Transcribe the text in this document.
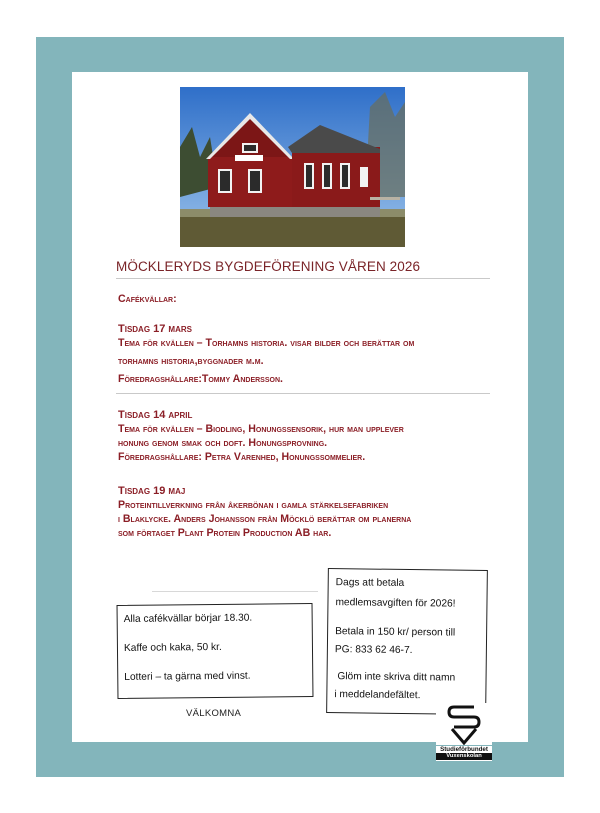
MÖCKLERYDS BYGDEFÖRENING VÅREN 2026
Cafékvällar:
Tisdag 17 mars
Tema för kvällen – Torhamns historia. visar bilder och berättar om
torhamns historia,byggnader m.m.
Föredragshållare:Tommy Andersson.
Tisdag 14 april
Tema för kvällen – Biodling, Honungssensorik, hur man upplever
honung genom smak och doft. Honungsprovning.
Föredragshållare: Petra Varenhed, Honungssommelier.
Tisdag 19 maj
Proteintillverkning från åkerbönan i gamla stärkelsefabriken
i Blaklycke. Anders Johansson från Möcklö berättar om planerna
som förtaget Plant Protein Production AB har.

Alla cafékvällar börjar 18.30.

Kaffe och kaka, 50 kr.

Lotteri – ta gärna med vinst.

VÄLKOMNA

Dags att betala

medlemsavgiften för 2026!

Betala in 150 kr/ person till

PG: 833 62 46-7.

Glöm inte skriva ditt namn

i meddelandefältet.

Studieförbundet
Vuxenskolan
